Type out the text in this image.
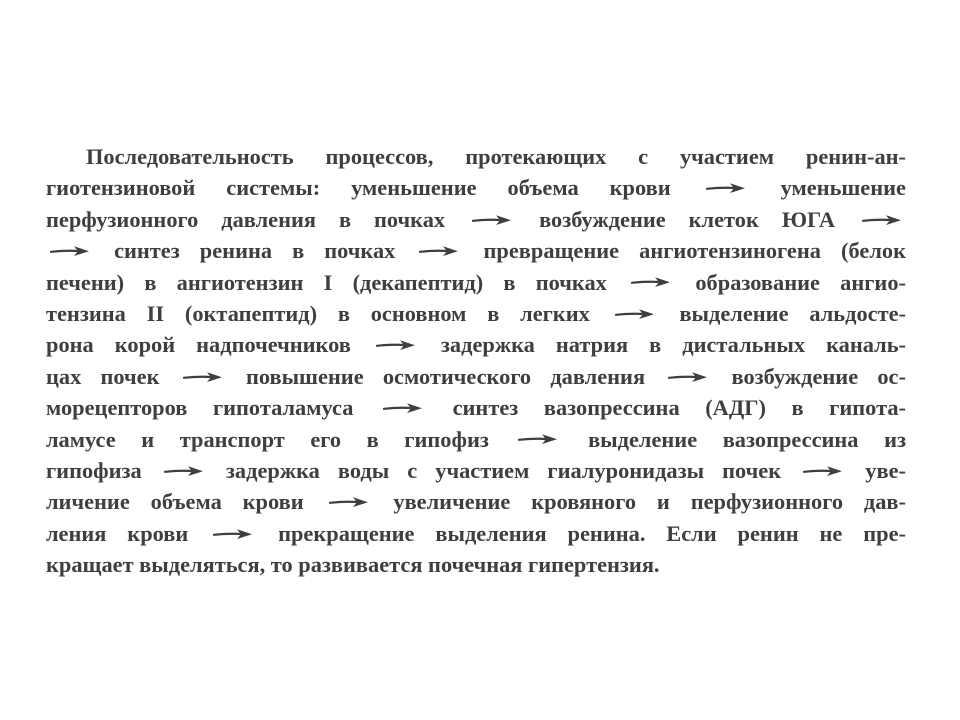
Последовательность процессов, протекающих с участием ренин-ан-
гиотензиновой системы: уменьшение объема крови	уменьшение
перфузионного давления в почках	возбуждение клеток ЮГА
синтез ренина в почках	превращение ангиотензиногена (белок
печени) в ангиотензин I (декапептид) в почках	образование ангио-
тензина II (октапептид) в основном в легких	выделение альдосте-
рона корой надпочечников	задержка натрия в дистальных каналь-
цах почек	повышение осмотического давления	возбуждение ос-
морецепторов гипоталамуса	синтез вазопрессина (АДГ) в гипота-
ламусе и транспорт его в гипофиз	выделение вазопрессина из
гипофиза	задержка воды с участием гиалуронидазы почек	уве-
личение объема крови	увеличение кровяного и перфузионного дав-
ления крови	прекращение выделения ренина. Если ренин не пре-
кращает выделяться, то развивается почечная гипертензия.
